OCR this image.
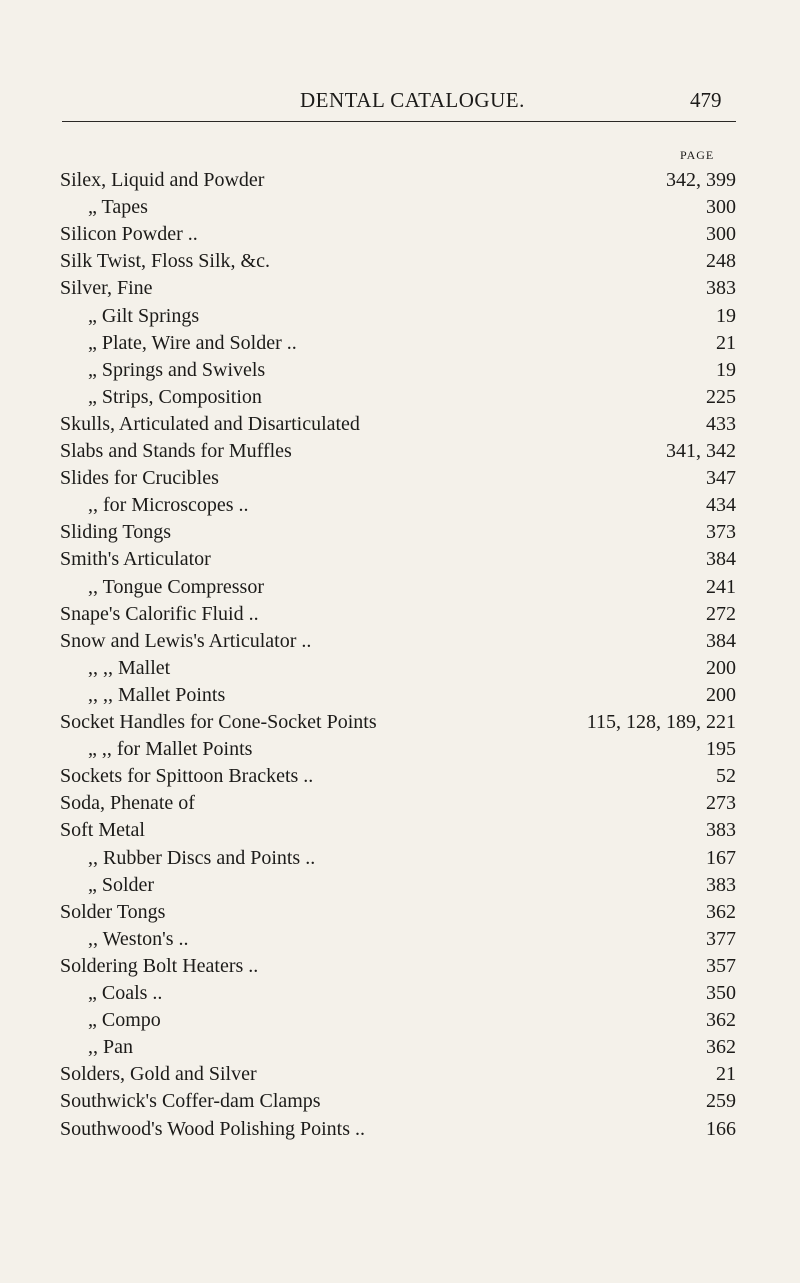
DENTAL CATALOGUE.	479
PAGE
Silex, Liquid and Powder	342, 399
„ Tapes	300
Silicon Powder ..	300
Silk Twist, Floss Silk, &c.	248
Silver, Fine	383
„ Gilt Springs	19
„ Plate, Wire and Solder ..	21
„ Springs and Swivels	19
„ Strips, Composition	225
Skulls, Articulated and Disarticulated	433
Slabs and Stands for Muffles	341, 342
Slides for Crucibles	347
,, for Microscopes ..	434
Sliding Tongs	373
Smith's Articulator	384
,, Tongue Compressor	241
Snape's Calorific Fluid ..	272
Snow and Lewis's Articulator ..	384
,, ,, Mallet	200
,, ,, Mallet Points	200
Socket Handles for Cone-Socket Points	115, 128, 189, 221
„ ,, for Mallet Points	195
Sockets for Spittoon Brackets ..	52
Soda, Phenate of	273
Soft Metal	383
,, Rubber Discs and Points ..	167
„ Solder	383
Solder Tongs	362
,, Weston's ..	377
Soldering Bolt Heaters ..	357
„ Coals ..	350
„ Compo	362
,, Pan	362
Solders, Gold and Silver	21
Southwick's Coffer-dam Clamps	259
Southwood's Wood Polishing Points ..	166
